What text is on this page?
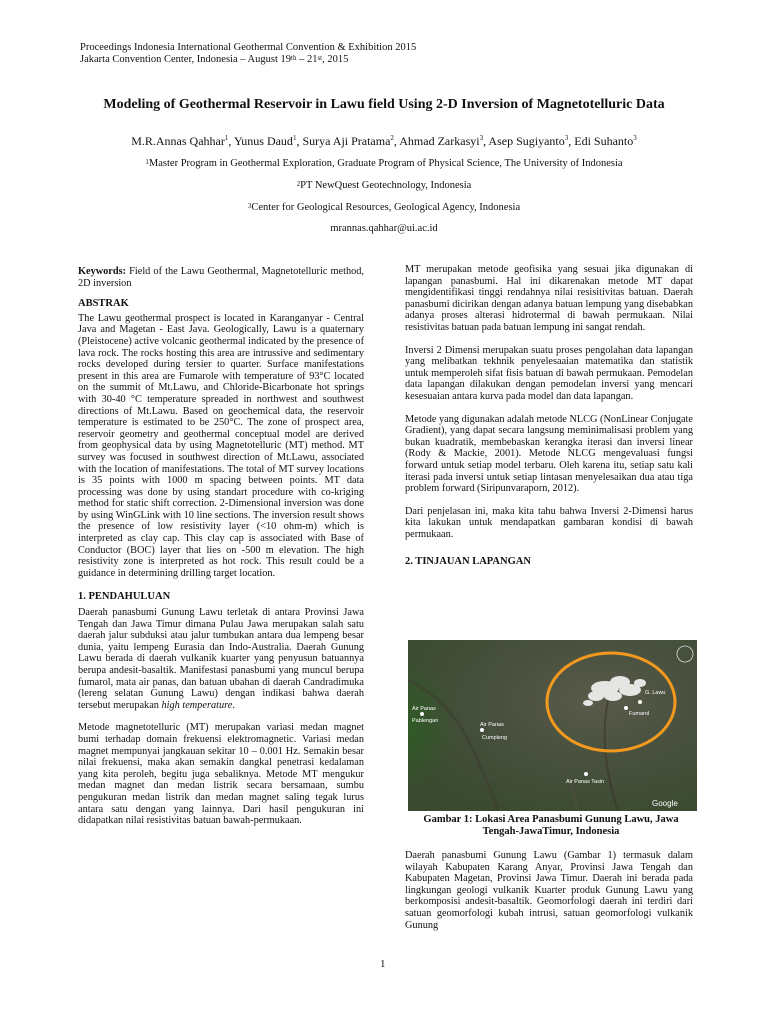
Proceedings Indonesia International Geothermal Convention & Exhibition 2015
Jakarta Convention Center, Indonesia – August 19th – 21st, 2015
Modeling of Geothermal Reservoir in Lawu field Using 2-D Inversion of Magnetotelluric Data
M.R.Annas Qahhar$^1$, Yunus Daud$^1$, Surya Aji Pratama$^2$, Ahmad Zarkasyi$^3$, Asep Sugiyanto$^3$, Edi Suhanto$^3$
$^1$Master Program in Geothermal Exploration, Graduate Program of Physical Science, The University of Indonesia
$^2$PT NewQuest Geotechnology, Indonesia
$^3$Center for Geological Resources, Geological Agency, Indonesia
mrannas.qahhar@ui.ac.id

Keywords: Field of the Lawu Geothermal, Magnetotelluric method, 2D inversion

ABSTRAK

The Lawu geothermal prospect is located in Karanganyar - Central Java and Magetan - East Java. Geologically, Lawu is a quaternary (Pleistocene) active volcanic geothermal indicated by the presence of lava rock. The rocks hosting this area are intrussive and sedimentary rocks developed during tersier to quarter. Surface manifestations present in this area are Fumarole with temperature of 93°C located on the summit of Mt.Lawu, and Chloride-Bicarbonate hot springs with 30-40 °C temperature spreaded in northwest and southwest directions of Mt.Lawu. Based on geochemical data, the reservoir temperature is estimated to be 250°C. The zone of prospect area, reservoir geometry and geothermal conceptual model are derived from geophysical data by using Magnetotelluric (MT) method. MT survey was focused in southwest direction of Mt.Lawu, associated with the location of manifestations. The total of MT survey locations is 35 points with 1000 m spacing between points. MT data processing was done by using standart procedure with co-kriging method for static shift correction. 2-Dimensional inversion was done by using WinGLink with 10 line sections. The inversion result shows the presence of low resistivity layer (<10 ohm-m) which is interpreted as clay cap. This clay cap is associated with Base of Conductor (BOC) layer that lies on -500 m elevation. The high resistivity zone is interpreted as hot rock. This result could be a guidance in determining drilling target location.

1. PENDAHULUAN

Daerah panasbumi Gunung Lawu terletak di antara Provinsi Jawa Tengah dan Jawa Timur dimana Pulau Jawa merupakan salah satu daerah jalur subduksi atau jalur tumbukan antara dua lempeng besar dunia, yaitu lempeng Eurasia dan Indo-Australia. Daerah Gunung Lawu berada di daerah vulkanik kuarter yang penyusun batuannya berupa andesit-basaltik. Manifestasi panasbumi yang muncul berupa fumarol, mata air panas, dan batuan ubahan di daerah Candradimuka (lereng selatan Gunung Lawu) dengan indikasi bahwa daerah tersebut merupakan high temperature.

Metode magnetotelluric (MT) merupakan variasi medan magnet bumi terhadap domain frekuensi elektromagnetic. Variasi medan magnet mempunyai jangkauan sekitar 10 – 0.001 Hz. Semakin besar nilai frekuensi, maka akan semakin dangkal penetrasi kedalaman yang kita peroleh, begitu juga sebaliknya. Metode MT mengukur medan magnet dan medan listrik secara bersamaan, sumbu pengukuran medan listrik dan medan magnet saling tegak lurus antara satu dengan yang lainnya. Dari hasil pengukuran ini didapatkan nilai resistivitas batuan bawah-permukaan.

MT merupakan metode geofisika yang sesuai jika digunakan di lapangan panasbumi. Hal ini dikarenakan metode MT dapat mengidentifikasi tinggi rendahnya nilai resisitivitas batuan. Daerah panasbumi dicirikan dengan adanya batuan lempung yang disebabkan adanya proses alterasi hidrotermal di bawah permukaan. Nilai resistivitas batuan pada batuan lempung ini sangat rendah.

Inversi 2 Dimensi merupakan suatu proses pengolahan data lapangan yang melibatkan tekhnik penyelesaaian matematika dan statistik untuk memperoleh sifat fisis batuan di bawah permukaan. Pemodelan data lapangan dilakukan dengan pemodelan inversi yang mencari kesesuaian antara kurva pada model dan data lapangan.

Metode yang digunakan adalah metode NLCG (NonLinear Conjugate Gradient), yang dapat secara langsung meminimalisasi problem yang bukan kuadratik, membebaskan kerangka iterasi dan inversi linear (Rody & Mackie, 2001). Metode NLCG mengevaluasi fungsi forward untuk setiap model terbaru. Oleh karena itu, setiap satu kali iterasi pada inversi untuk setiap lintasan menyelesaikan dua atau tiga problem forward (Siripunvaraporn, 2012).

Dari penjelasan ini, maka kita tahu bahwa Inversi 2-Dimensi harus kita lakukan untuk mendapatkan gambaran kondisi di bawah permukaan.

2. TINJAUAN LAPANGAN
G. Lawu
Fumarol
Air Panas
Pablengan
Air Panas
Cumpleng
Air Panas Tasin
Google
Gambar 1: Lokasi Area Panasbumi Gunung Lawu, Jawa Tengah-JawaTimur, Indonesia

Daerah panasbumi Gunung Lawu (Gambar 1) termasuk dalam wilayah Kabupaten Karang Anyar, Provinsi Jawa Tengah dan Kabupaten Magetan, Provinsi Jawa Timur. Daerah ini berada pada lingkungan geologi vulkanik Kuarter produk Gunung Lawu yang berkomposisi andesit-basaltik. Geomorfologi daerah ini terdiri dari satuan geomorfologi kubah intrusi, satuan geomorfologi vulkanik Gunung

1
